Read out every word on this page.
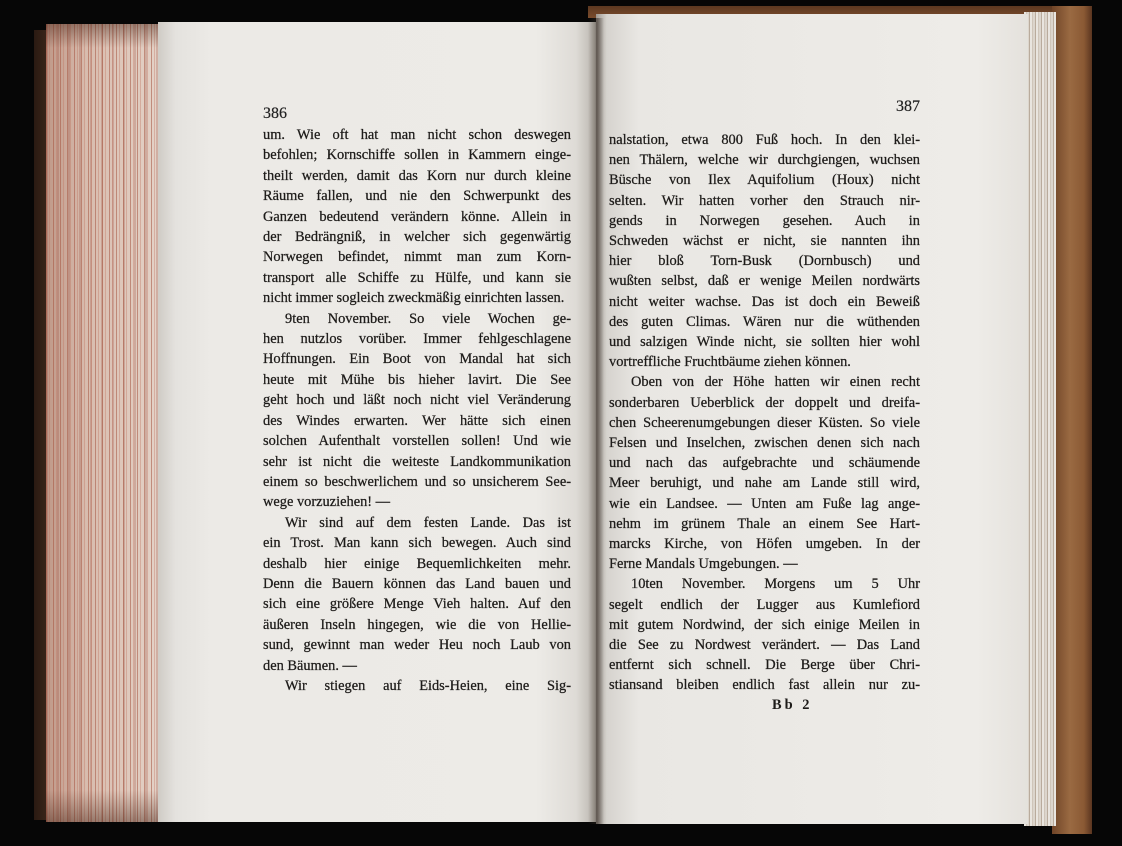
386
um. Wie oft hat man nicht schon deswegen
befohlen; Kornschiffe sollen in Kammern einge-
theilt werden, damit das Korn nur durch kleine
Räume fallen, und nie den Schwerpunkt des
Ganzen bedeutend verändern könne. Allein in
der Bedrängniß, in welcher sich gegenwärtig
Norwegen befindet, nimmt man zum Korn-
transport alle Schiffe zu Hülfe, und kann sie
nicht immer sogleich zweckmäßig einrichten lassen.
9ten November. So viele Wochen ge-
hen nutzlos vorüber. Immer fehlgeschlagene
Hoffnungen. Ein Boot von Mandal hat sich
heute mit Mühe bis hieher lavirt. Die See
geht hoch und läßt noch nicht viel Veränderung
des Windes erwarten. Wer hätte sich einen
solchen Aufenthalt vorstellen sollen! Und wie
sehr ist nicht die weiteste Landkommunikation
einem so beschwerlichem und so unsicherem See-
wege vorzuziehen! —
Wir sind auf dem festen Lande. Das ist
ein Trost. Man kann sich bewegen. Auch sind
deshalb hier einige Bequemlichkeiten mehr.
Denn die Bauern können das Land bauen und
sich eine größere Menge Vieh halten. Auf den
äußeren Inseln hingegen, wie die von Hellie-
sund, gewinnt man weder Heu noch Laub von
den Bäumen. —
Wir stiegen auf Eids-Heien, eine Sig-
387
nalstation, etwa 800 Fuß hoch. In den klei-
nen Thälern, welche wir durchgiengen, wuchsen
Büsche von Ilex Aquifolium (Houx) nicht
selten. Wir hatten vorher den Strauch nir-
gends in Norwegen gesehen. Auch in
Schweden wächst er nicht, sie nannten ihn
hier bloß Torn-Busk (Dornbusch) und
wußten selbst, daß er wenige Meilen nordwärts
nicht weiter wachse. Das ist doch ein Beweiß
des guten Climas. Wären nur die wüthenden
und salzigen Winde nicht, sie sollten hier wohl
vortreffliche Fruchtbäume ziehen können.
Oben von der Höhe hatten wir einen recht
sonderbaren Ueberblick der doppelt und dreifa-
chen Scheerenumgebungen dieser Küsten. So viele
Felsen und Inselchen, zwischen denen sich nach
und nach das aufgebrachte und schäumende
Meer beruhigt, und nahe am Lande still wird,
wie ein Landsee. — Unten am Fuße lag ange-
nehm im grünem Thale an einem See Hart-
marcks Kirche, von Höfen umgeben. In der
Ferne Mandals Umgebungen. —
10ten November. Morgens um 5 Uhr
segelt endlich der Lugger aus Kumlefiord
mit gutem Nordwind, der sich einige Meilen in
die See zu Nordwest verändert. — Das Land
entfernt sich schnell. Die Berge über Chri-
stiansand bleiben endlich fast allein nur zu-
Bb 2
